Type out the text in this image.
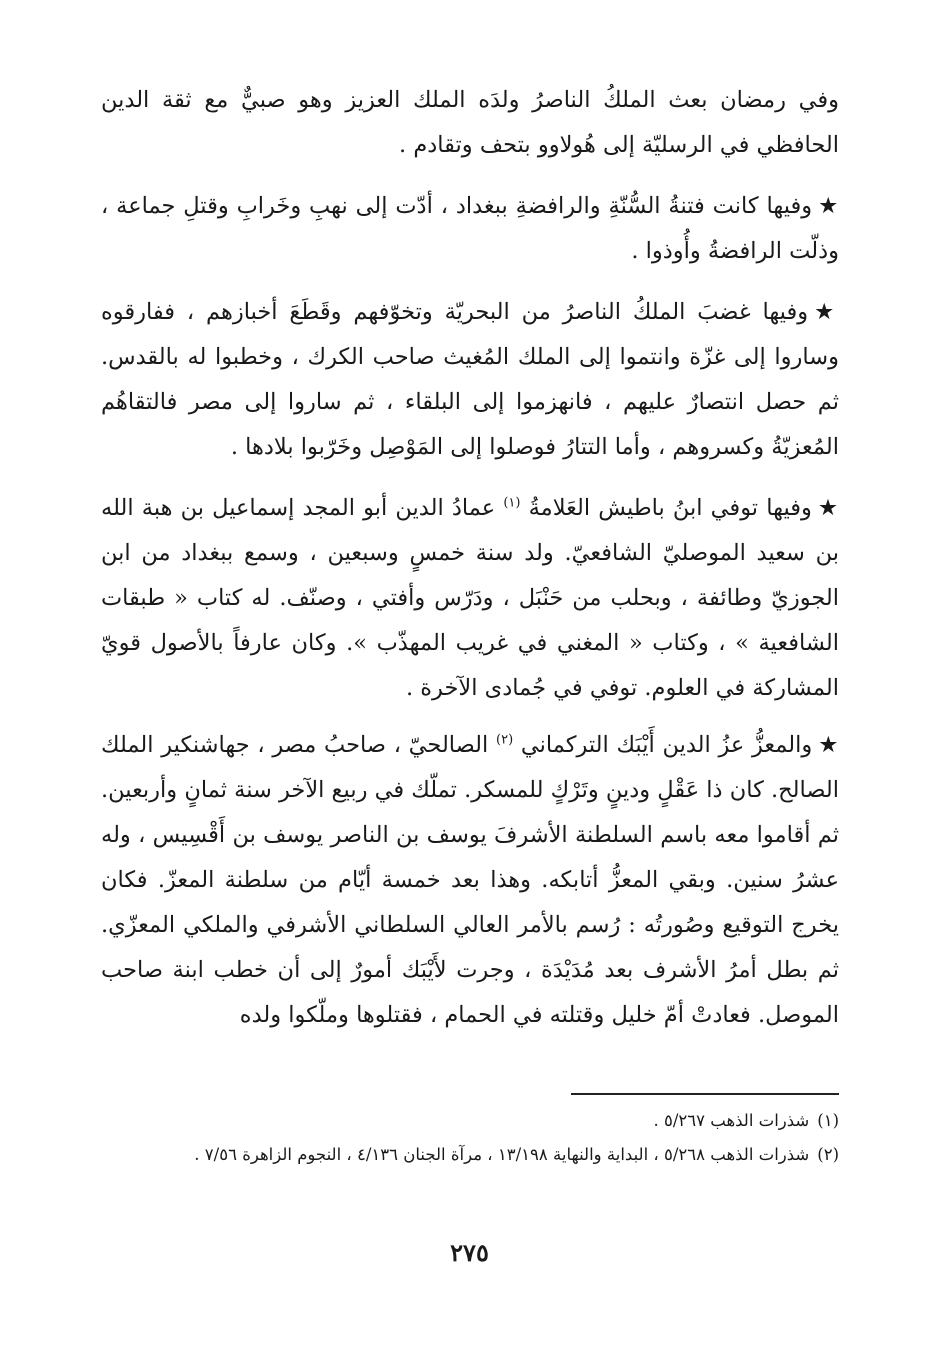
وفي رمضان بعث الملكُ الناصرُ ولدَه الملك العزيز وهو صبيٌّ مع ثقة الدين الحافظي في الرسليّة إلى هُولاوو بتحف وتقادم .

★وفيها كانت فتنةُ السُّنّةِ والرافضةِ ببغداد ، أدّت إلى نهبِ وخَرابِ وقتلِ جماعة ، وذلّت الرافضةُ وأُوذوا .

★وفيها غضبَ الملكُ الناصرُ من البحريّة وتخوّفهم وقَطَعَ أخبازهم ، ففارقوه وساروا إلى غزّة وانتموا إلى الملك المُغيث صاحب الكرك ، وخطبوا له بالقدس. ثم حصل انتصارٌ عليهم ، فانهزموا إلى البلقاء ، ثم ساروا إلى مصر فالتقاهُم المُعزيّةُ وكسروهم ، وأما التتارُ فوصلوا إلى المَوْصِل وخَرّبوا بلادها .

★وفيها توفي ابنُ باطيش العَلامةُ $^{(١)}$ عمادُ الدين أبو المجد إسماعيل بن هبة الله بن سعيد الموصليّ الشافعيّ. ولد سنة خمسٍ وسبعين ، وسمع ببغداد من ابن الجوزيّ وطائفة ، وبحلب من حَنْبَل ، ودَرّس وأفتي ، وصنّف. له كتاب « طبقات الشافعية » ، وكتاب « المغني في غريب المهذّب ». وكان عارفاً بالأصول قويّ المشاركة في العلوم. توفي في جُمادى الآخرة .

★والمعزُّ عزُ الدين أَيْبَك التركماني $^{(٢)}$ الصالحيّ ، صاحبُ مصر ، جهاشنكير الملك الصالح. كان ذا عَقْلٍ ودينٍ وتَرْكٍ للمسكر. تملّك في ربيع الآخر سنة ثمانٍ وأربعين. ثم أقاموا معه باسم السلطنة الأشرفَ يوسف بن الناصر يوسف بن أَقْسِيس ، وله عشرُ سنين. وبقي المعزُّ أتابكه. وهذا بعد خمسة أيّام من سلطنة المعزّ. فكان يخرج التوقيع وصُورتُه : رُسم بالأمر العالي السلطاني الأشرفي والملكي المعزّي. ثم بطل أمرُ الأشرف بعد مُدَيْدَة ، وجرت لأَيْبَك أمورٌ إلى أن خطب ابنة صاحب الموصل. فعادتْ أمّ خليل وقتلته في الحمام ، فقتلوها وملّكوا ولده

(١)شذرات الذهب ٥/٢٦٧ .

(٢)شذرات الذهب ٥/٢٦٨ ، البداية والنهاية ١٣/١٩٨ ، مرآة الجنان ٤/١٣٦ ، النجوم الزاهرة ٧/٥٦ .

٢٧٥
